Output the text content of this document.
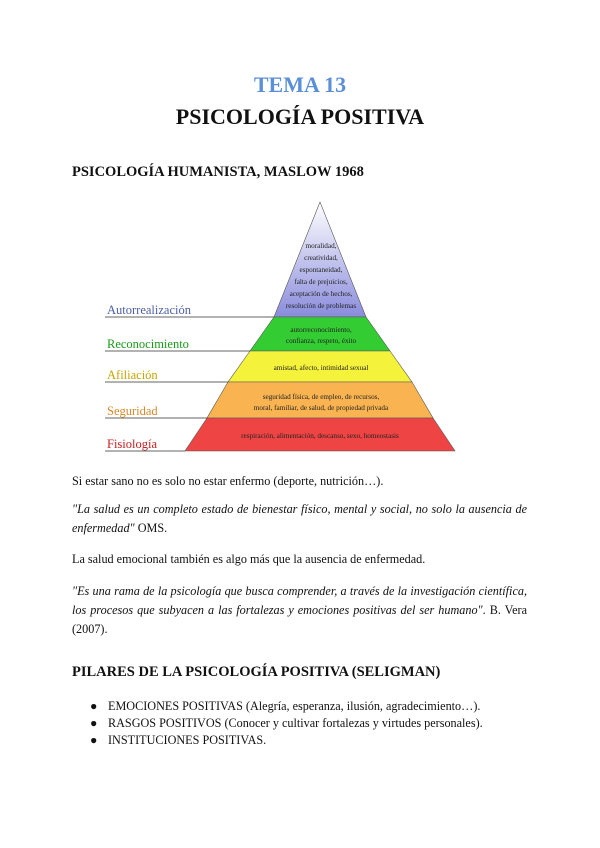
TEMA 13
PSICOLOGÍA POSITIVA
PSICOLOGÍA HUMANISTA, MASLOW 1968
Autorrealización
Reconocimiento
Afiliación
Seguridad
Fisiología
moralidad,
creatividad,
espontaneidad,
falta de prejuicios,
aceptación de hechos,
resolución de problemas
autorreconocimiento,
confianza, respeto, éxito
amistad, afecto, intimidad sexual
seguridad física, de empleo, de recursos,
moral, familiar, de salud, de propiedad privada
respiración, alimentación, descanso, sexo, homeostasis
Si estar sano no es solo no estar enfermo (deporte, nutrición…).
"La salud es un completo estado de bienestar físico, mental y social, no solo la ausencia de enfermedad" OMS.
La salud emocional también es algo más que la ausencia de enfermedad.
"Es una rama de la psicología que busca comprender, a través de la investigación científica, los procesos que subyacen a las fortalezas y emociones positivas del ser humano". B. Vera (2007).
PILARES DE LA PSICOLOGÍA POSITIVA (SELIGMAN)
● EMOCIONES POSITIVAS (Alegría, esperanza, ilusión, agradecimiento…).
● RASGOS POSITIVOS (Conocer y cultivar fortalezas y virtudes personales).
● INSTITUCIONES POSITIVAS.
